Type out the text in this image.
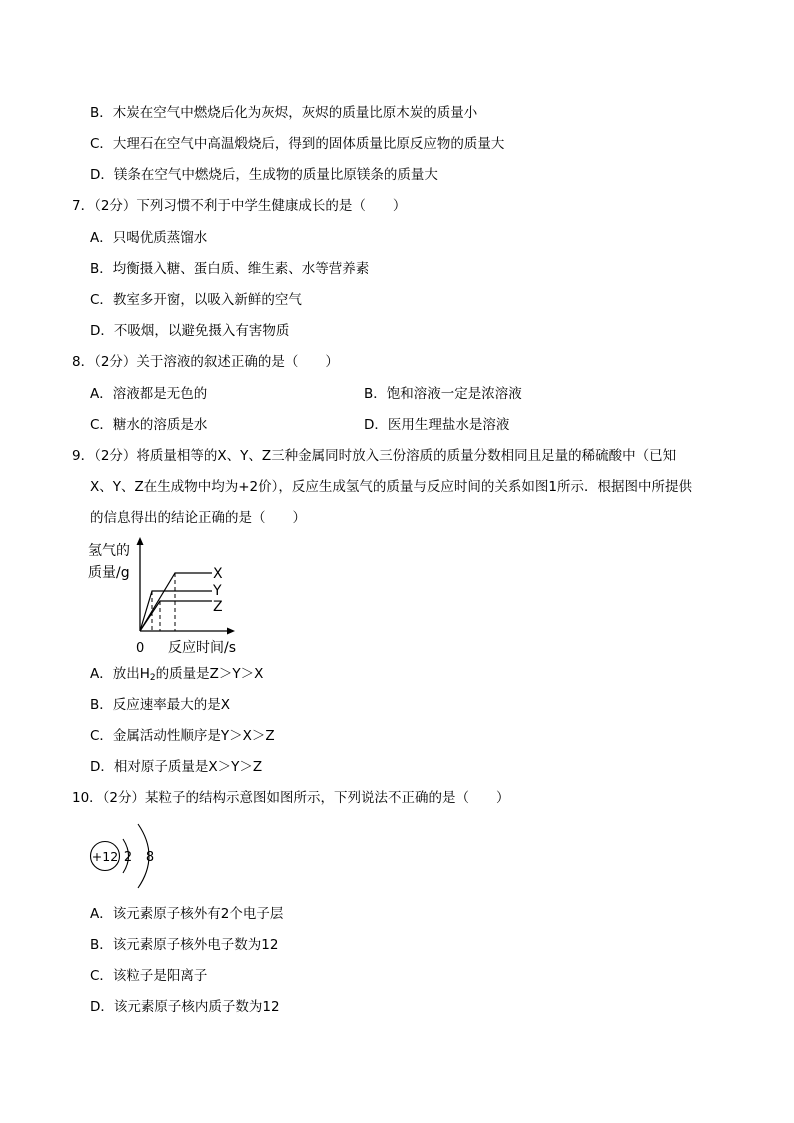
B．木炭在空气中燃烧后化为灰烬，灰烬的质量比原木炭的质量小
C．大理石在空气中高温煅烧后，得到的固体质量比原反应物的质量大
D．镁条在空气中燃烧后，生成物的质量比原镁条的质量大
7．（2分）下列习惯不利于中学生健康成长的是（　　）
A．只喝优质蒸馏水
B．均衡摄入糖、蛋白质、维生素、水等营养素
C．教室多开窗，以吸入新鲜的空气
D．不吸烟，以避免摄入有害物质
8．（2分）关于溶液的叙述正确的是（　　）
A．溶液都是无色的	B．饱和溶液一定是浓溶液
C．糖水的溶质是水	D．医用生理盐水是溶液
9．（2分）将质量相等的X、Y、Z三种金属同时放入三份溶质的质量分数相同且足量的稀硫酸中（已知
X、Y、Z在生成物中均为+2价），反应生成氢气的质量与反应时间的关系如图1所示．根据图中所提供
的信息得出的结论正确的是（　　）
氢气的
质量/g	X
Y
Z
0 反应时间/s
A．放出$H_2$的质量是Z＞Y＞X
B．反应速率最大的是X
C．金属活动性顺序是Y＞X＞Z
D．相对原子质量是X＞Y＞Z
10．（2分）某粒子的结构示意图如图所示，下列说法不正确的是（　　）
+12 2 8
A．该元素原子核外有2个电子层
B．该元素原子核外电子数为12
C．该粒子是阳离子
D．该元素原子核内质子数为12
